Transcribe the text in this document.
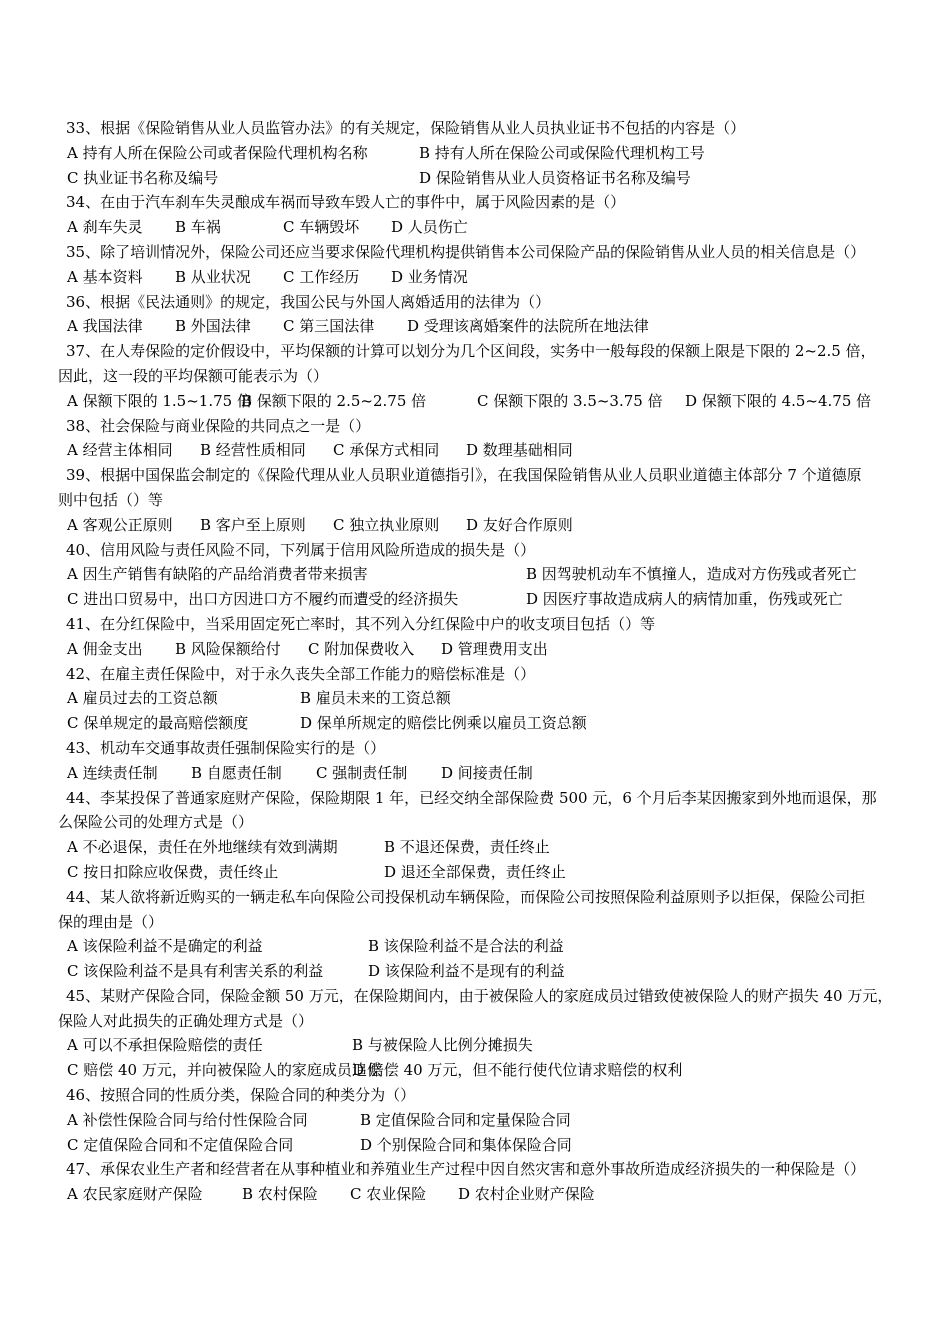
33、根据《保险销售从业人员监管办法》的有关规定，保险销售从业人员执业证书不包括的内容是（）
A 持有人所在保险公司或者保险代理机构名称	B 持有人所在保险公司或保险代理机构工号
C 执业证书名称及编号	D 保险销售从业人员资格证书名称及编号
34、在由于汽车刹车失灵酿成车祸而导致车毁人亡的事件中，属于风险因素的是（）
A 刹车失灵 B 车祸	C 车辆毁坏 D 人员伤亡
35、除了培训情况外，保险公司还应当要求保险代理机构提供销售本公司保险产品的保险销售从业人员的相关信息是（）
A 基本资料 B 从业状况 C 工作经历 D 业务情况
36、根据《民法通则》的规定，我国公民与外国人离婚适用的法律为（）
A 我国法律 B 外国法律 C 第三国法律 D 受理该离婚案件的法院所在地法律
37、在人寿保险的定价假设中，平均保额的计算可以划分为几个区间段，实务中一般每段的保额上限是下限的 2~2.5 倍，
因此，这一段的平均保额可能表示为（）
A 保额下限的 1.5~1.75 倍
B 保额下限的 2.5~2.75 倍	C 保额下限的 3.5~3.75 倍 D 保额下限的 4.5~4.75 倍
38、社会保险与商业保险的共同点之一是（）
A 经营主体相同 B 经营性质相同 C 承保方式相同 D 数理基础相同
39、根据中国保监会制定的《保险代理从业人员职业道德指引》，在我国保险销售从业人员职业道德主体部分 7 个道德原
则中包括（）等
A 客观公正原则 B 客户至上原则 C 独立执业原则 D 友好合作原则
40、信用风险与责任风险不同，下列属于信用风险所造成的损失是（）
A 因生产销售有缺陷的产品给消费者带来损害	B 因驾驶机动车不慎撞人，造成对方伤残或者死亡
C 进出口贸易中，出口方因进口方不履约而遭受的经济损失	D 因医疗事故造成病人的病情加重，伤残或死亡
41、在分红保险中，当采用固定死亡率时，其不列入分红保险中户的收支项目包括（）等
A 佣金支出 B 风险保额给付 C 附加保费收入 D 管理费用支出
42、在雇主责任保险中，对于永久丧失全部工作能力的赔偿标准是（）
A 雇员过去的工资总额	B 雇员未来的工资总额
C 保单规定的最高赔偿额度	D 保单所规定的赔偿比例乘以雇员工资总额
43、机动车交通事故责任强制保险实行的是（）
A 连续责任制 B 自愿责任制 C 强制责任制 D 间接责任制
44、李某投保了普通家庭财产保险，保险期限 1 年，已经交纳全部保险费 500 元，6 个月后李某因搬家到外地而退保，那
么保险公司的处理方式是（）
A 不必退保，责任在外地继续有效到满期	B 不退还保费，责任终止
C 按日扣除应收保费，责任终止	D 退还全部保费，责任终止
44、某人欲将新近购买的一辆走私车向保险公司投保机动车辆保险，而保险公司按照保险利益原则予以拒保，保险公司拒
保的理由是（）
A 该保险利益不是确定的利益	B 该保险利益不是合法的利益
C 该保险利益不是具有利害关系的利益	D 该保险利益不是现有的利益
45、某财产保险合同，保险金额 50 万元，在保险期间内，由于被保险人的家庭成员过错致使被保险人的财产损失 40 万元，
保险人对此损失的正确处理方式是（）
A 可以不承担保险赔偿的责任	B 与被保险人比例分摊损失
C 赔偿 40 万元，并向被保险人的家庭成员追偿
D 赔偿 40 万元，但不能行使代位请求赔偿的权利
46、按照合同的性质分类，保险合同的种类分为（）
A 补偿性保险合同与给付性保险合同	B 定值保险合同和定量保险合同
C 定值保险合同和不定值保险合同	D 个别保险合同和集体保险合同
47、承保农业生产者和经营者在从事种植业和养殖业生产过程中因自然灾害和意外事故所造成经济损失的一种保险是（）
A 农民家庭财产保险	B 农村保险 C 农业保险 D 农村企业财产保险
